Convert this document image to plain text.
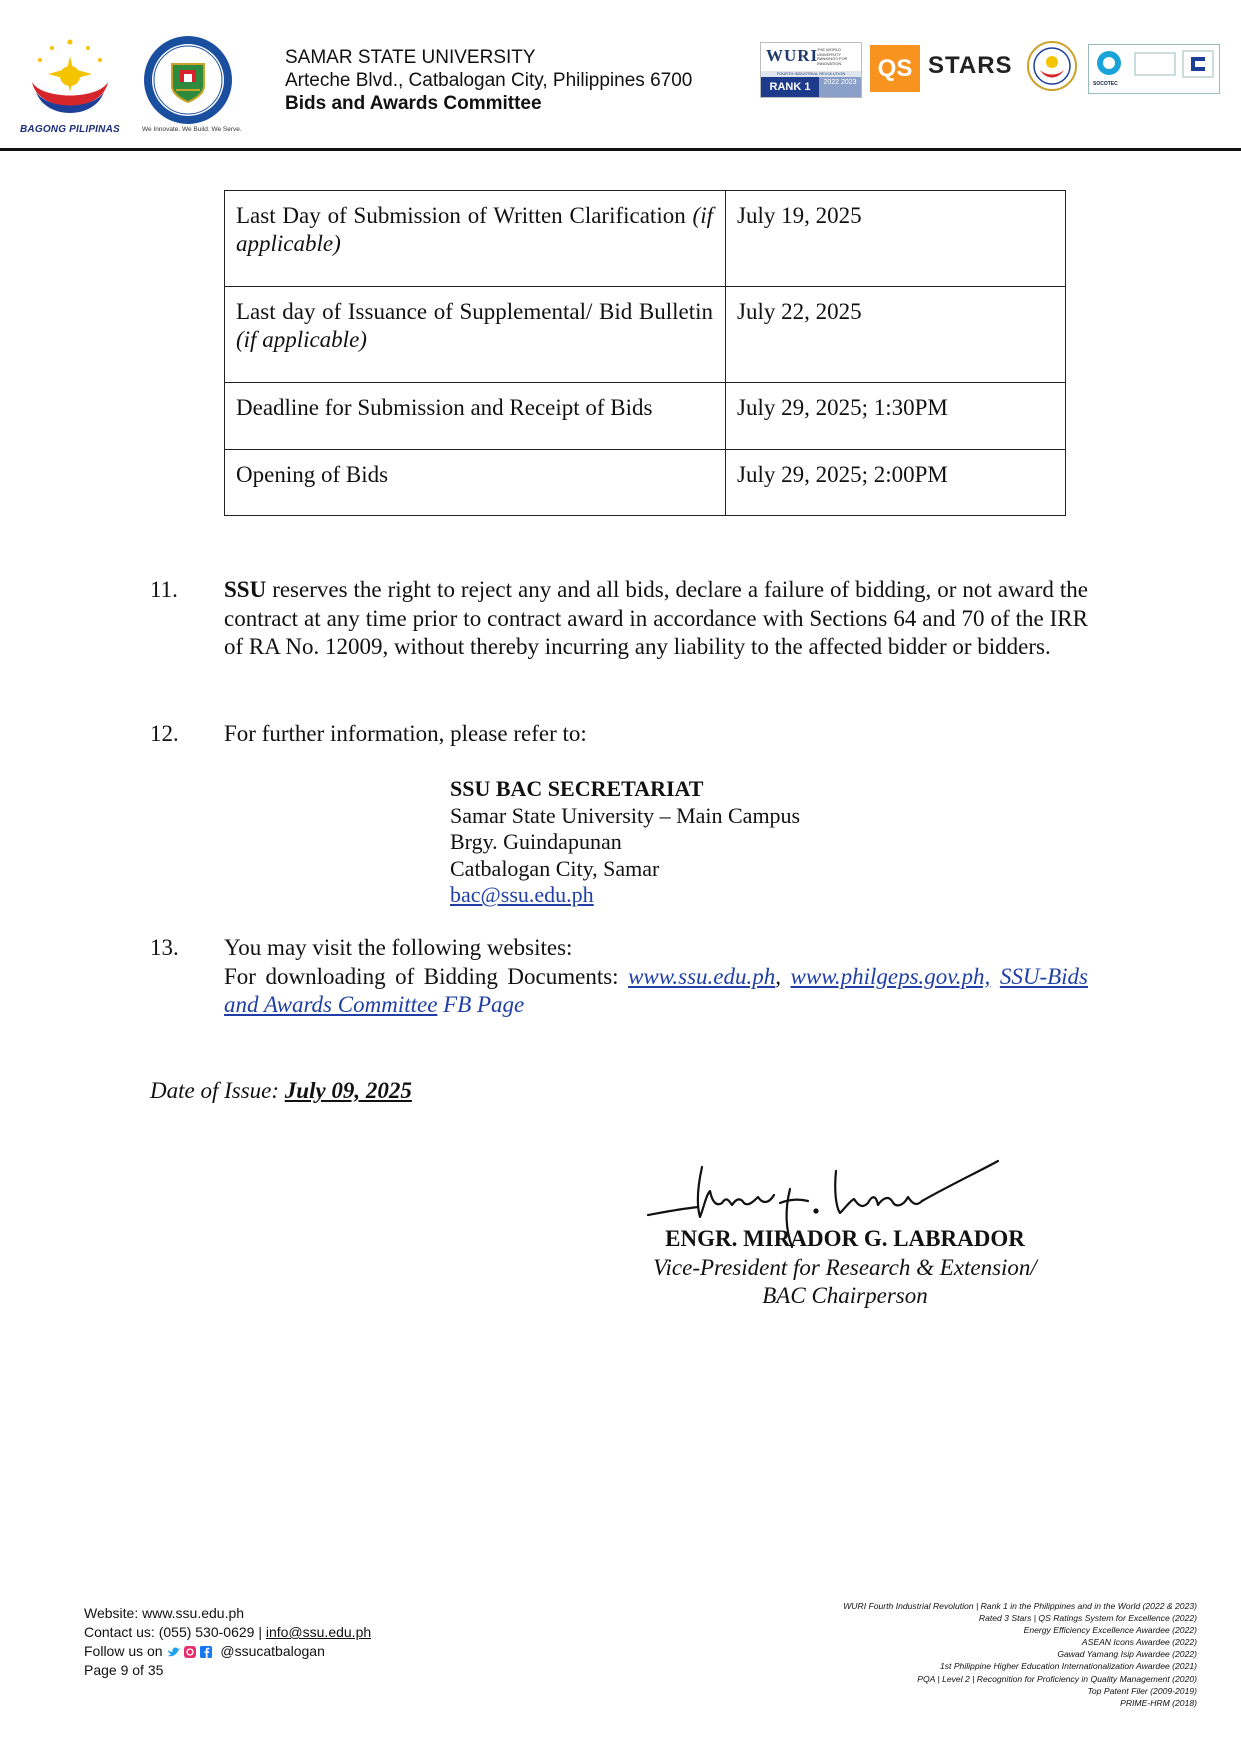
BAGONG PILIPINAS	We Innovate. We Build. We Serve.
SAMAR STATE UNIVERSITY
Arteche Blvd., Catbalogan City, Philippines 6700
Bids and Awards Committee
WURI
THE WORLD UNIVERSITY RANKINGS FOR INNOVATION
FOURTH INDUSTRIAL REVOLUTION
RANK 1	2022 2023
QS STARS
SOCOTEC
Last Day of Submission of Written Clarification (if applicable)	July 19, 2025
Last day of Issuance of Supplemental/ Bid Bulletin (if applicable)	July 22, 2025
Deadline for Submission and Receipt of Bids	July 29, 2025; 1:30PM
Opening of Bids	July 29, 2025; 2:00PM
11. SSU reserves the right to reject any and all bids, declare a failure of bidding, or not award the contract at any time prior to contract award in accordance with Sections 64 and 70 of the IRR of RA No. 12009, without thereby incurring any liability to the affected bidder or bidders.
12. For further information, please refer to:
SSU BAC SECRETARIAT
Samar State University – Main Campus
Brgy. Guindapunan
Catbalogan City, Samar
bac@ssu.edu.ph
13. You may visit the following websites:
For downloading of Bidding Documents: www.ssu.edu.ph, www.philgeps.gov.ph, SSU-Bids and Awards Committee FB Page
Date of Issue: July 09, 2025
ENGR. MIRADOR G. LABRADOR
Vice-President for Research & Extension/
BAC Chairperson
Website: www.ssu.edu.ph
Contact us: (055) 530-0629 | info@ssu.edu.ph
Follow us on	@ssucatbalogan
Page 9 of 35
WURI Fourth Industrial Revolution | Rank 1 in the Philippines and in the World (2022 & 2023)
Rated 3 Stars | QS Ratings System for Excellence (2022)
Energy Efficiency Excellence Awardee (2022)
ASEAN Icons Awardee (2022)
Gawad Yamang Isip Awardee (2022)
1st Philippine Higher Education Internationalization Awardee (2021)
PQA | Level 2 | Recognition for Proficiency in Quality Management (2020)
Top Patent Filer (2009-2019)
PRIME-HRM (2018)
